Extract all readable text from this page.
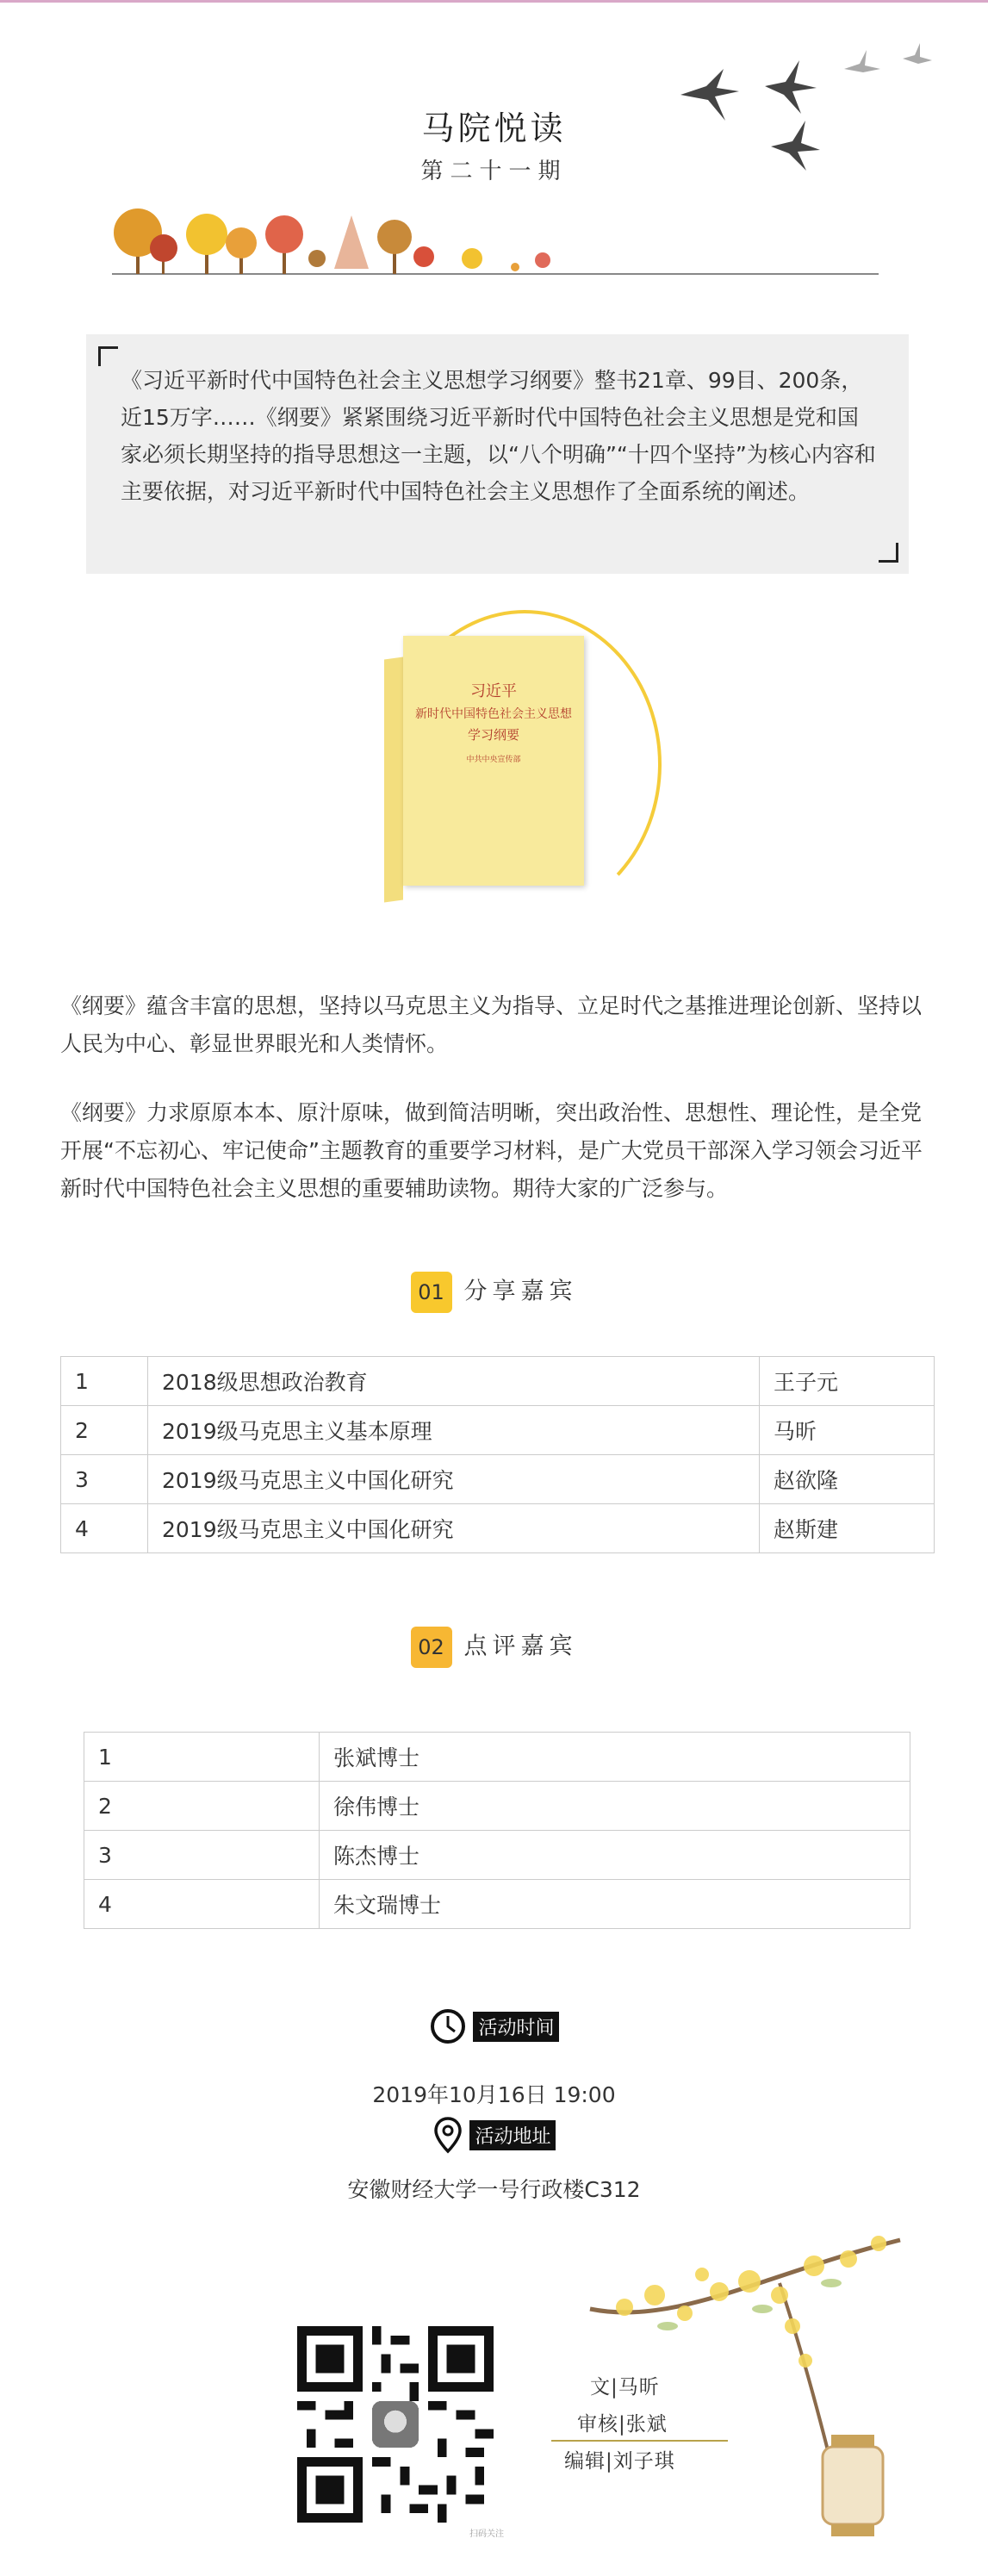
马院悦读
第二十一期
《习近平新时代中国特色社会主义思想学习纲要》整书21章、99目、200条，近15万字……《纲要》紧紧围绕习近平新时代中国特色社会主义思想是党和国家必须长期坚持的指导思想这一主题，以“八个明确”“十四个坚持”为核心内容和主要依据，对习近平新时代中国特色社会主义思想作了全面系统的阐述。
习近平
新时代中国特色社会主义思想
学习纲要
中共中央宣传部
《纲要》蕴含丰富的思想，坚持以马克思主义为指导、立足时代之基推进理论创新、坚持以人民为中心、彰显世界眼光和人类情怀。
《纲要》力求原原本本、原汁原味，做到简洁明晰，突出政治性、思想性、理论性，是全党开展“不忘初心、牢记使命”主题教育的重要学习材料，是广大党员干部深入学习领会习近平新时代中国特色社会主义思想的重要辅助读物。期待大家的广泛参与。
01 分享嘉宾
1	2018级思想政治教育	王子元
2	2019级马克思主义基本原理	马昕
3	2019级马克思主义中国化研究	赵欲隆
4	2019级马克思主义中国化研究	赵斯建
02 点评嘉宾
1	张斌博士
2	徐伟博士
3	陈杰博士
4	朱文瑞博士
活动时间
2019年10月16日 19:00
活动地址
安徽财经大学一号行政楼C312
扫码关注
文|马昕
审核|张斌
编辑|刘子琪
